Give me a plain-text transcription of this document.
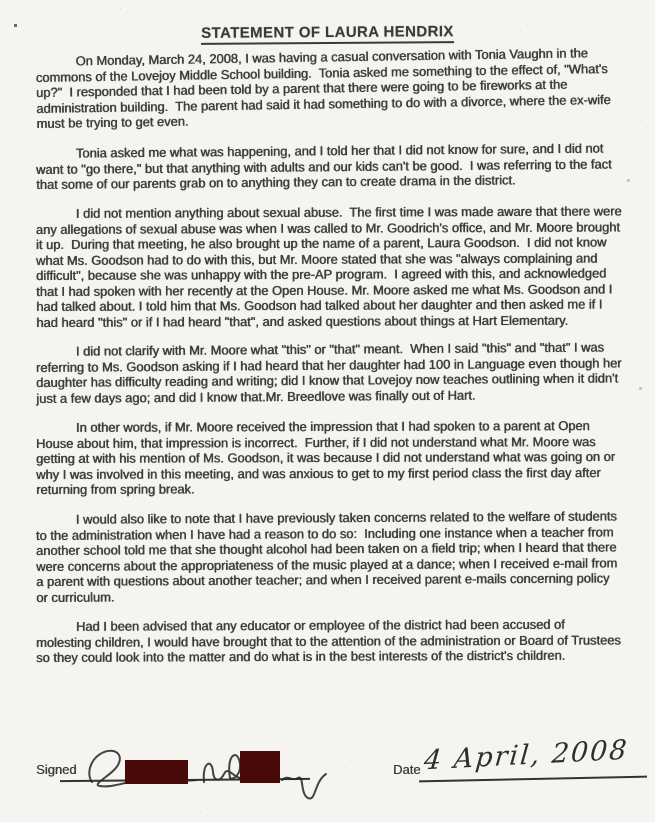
STATEMENT OF LAURA HENDRIX

On Monday, March 24, 2008, I was having a casual conversation with Tonia Vaughn in the commons of the Lovejoy Middle School building.  Tonia asked me something to the effect of, "What's up?"  I responded that I had been told by a parent that there were going to be fireworks at the administration building.  The parent had said it had something to do with a divorce, where the ex-wife must be trying to get even.

Tonia asked me what was happening, and I told her that I did not know for sure, and I did not want to "go there," but that anything with adults and our kids can't be good.  I was referring to the fact that some of our parents grab on to anything they can to create drama in the district.

I did not mention anything about sexual abuse.  The first time I was made aware that there were any allegations of sexual abuse was when I was called to Mr. Goodrich's office, and Mr. Moore brought it up.  During that meeting, he also brought up the name of a parent, Laura Goodson.  I did not know what Ms. Goodson had to do with this, but Mr. Moore stated that she was "always complaining and difficult", because she was unhappy with the pre-AP program.  I agreed with this, and acknowledged that I had spoken with her recently at the Open House. Mr. Moore asked me what Ms. Goodson and I had talked about. I told him that Ms. Goodson had talked about her daughter and then asked me if I had heard "this" or if I had heard "that", and asked questions about things at Hart Elementary.

I did not clarify with Mr. Moore what "this" or "that" meant.  When I said "this" and "that" I was referring to Ms. Goodson asking if I had heard that her daughter had 100 in Language even though her daughter has difficulty reading and writing; did I know that Lovejoy now teaches outlining when it didn't just a few days ago; and did I know that.Mr. Breedlove was finally out of Hart.

In other words, if Mr. Moore received the impression that I had spoken to a parent at Open House about him, that impression is incorrect.  Further, if I did not understand what Mr. Moore was getting at with his mention of Ms. Goodson, it was because I did not understand what was going on or why I was involved in this meeting, and was anxious to get to my first period class the first day after returning from spring break.

I would also like to note that I have previously taken concerns related to the welfare of students to the administration when I have had a reason to do so:  Including one instance when a teacher from another school told me that she thought alcohol had been taken on a field trip; when I heard that there were concerns about the appropriateness of the music played at a dance; when I received e-mail from a parent with questions about another teacher; and when I received parent e-mails concerning policy or curriculum.

Had I been advised that any educator or employee of the district had been accused of molesting children, I would have brought that to the attention of the administration or Board of Trustees so they could look into the matter and do what is in the best interests of the district's children.

Signed	Date 4 April, 2008
